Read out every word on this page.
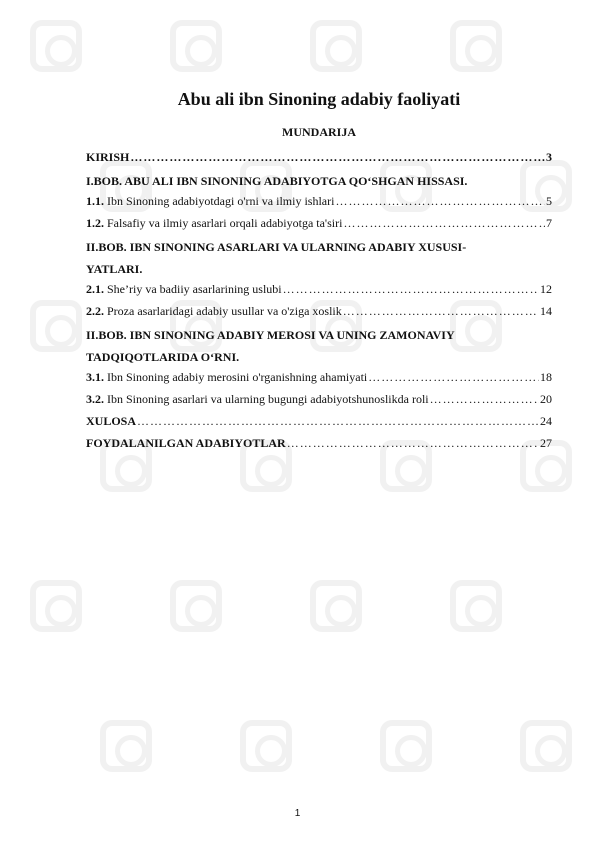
Abu ali ibn Sinoning adabiy faoliyati
MUNDARIJA
KIRISH ……………………………………………………………………………………………………………………………………	3
I.BOB. ABU ALI IBN SINONING ADABIYOTGA QO‘SHGAN HISSASI.
1.1. Ibn Sinoning adabiyotdagi o'rni va ilmiy ishlari ……………………………………………………………………………………………………………………………………	5
1.2. Falsafiy va ilmiy asarlari orqali adabiyotga ta'siri ……………………………………………………………………………………………………………………………………	7
II.BOB. IBN SINONING ASARLARI VA ULARNING ADABIY XUSUSI-
YATLARI.
2.1. She’riy va badiiy asarlarining uslubi ……………………………………………………………………………………………………………………………………	12
2.2. Proza asarlaridagi adabiy usullar va o'ziga xoslik ……………………………………………………………………………………………………………………………………	14
II.BOB. IBN SINONING ADABIY MEROSI VA UNING ZAMONAVIY
TADQIQOTLARIDA O‘RNI.
3.1. Ibn Sinoning adabiy merosini o'rganishning ahamiyati ……………………………………………………………………………………………………………………………………	18
3.2. Ibn Sinoning asarlari va ularning bugungi adabiyotshunoslikda roli ……………………………………………………………………………………………………………………………………	20
XULOSA ……………………………………………………………………………………………………………………………………	24
FOYDALANILGAN ADABIYOTLAR ……………………………………………………………………………………………………………………………………	27
1
